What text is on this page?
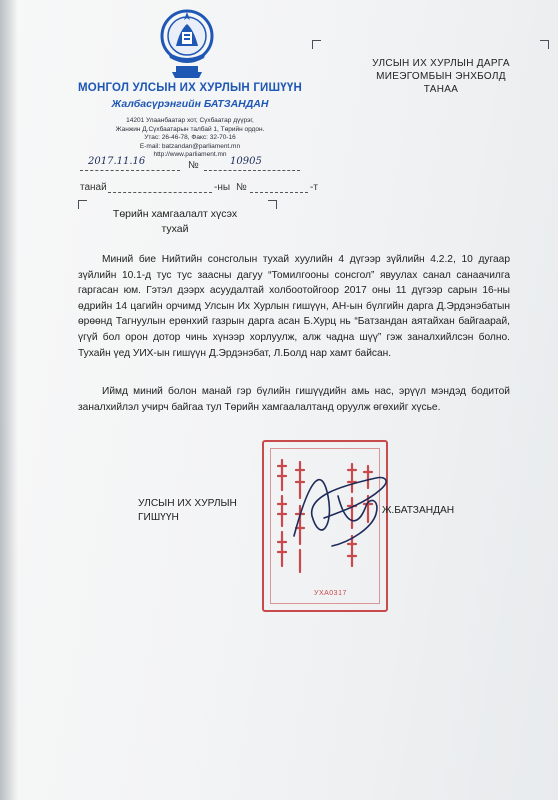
МОНГОЛ УЛСЫН ИХ ХУРЛЫН ГИШҮҮН
Жалбасүрэнгийн БАТЗАНДАН
14201 Улаанбаатар хот, Сүхбаатар дүүрэг,
Жанжин Д.Сүхбаатарын талбай 1, Төрийн ордон.
Утас: 26-46-78, Факс: 32-70-16
E-mail: batzandan@parliament.mn
http://www.parliament.mn
УЛСЫН ИХ ХУРЛЫН ДАРГА
МИЕЭГОМБЫН ЭНХБОЛД
ТАНАА
2017.11.16	№	10905
танай	-ны №	-т
Төрийн хамгаалалт хүсэх
тухай

Миний бие Нийтийн сонсголын тухай хуулийн 4 дүгээр зүйлийн 4.2.2, 10 дугаар зүйлийн 10.1-д тус тус заасны дагуу “Томилгооны сонсгол” явуулах санал санаачилга гаргасан юм. Гэтэл дээрх асуудалтай холбоотойгоор 2017 оны 11 дүгээр сарын 16-ны өдрийн 14 цагийн орчимд Улсын Их Хурлын гишүүн, АН-ын бүлгийн дарга Д.Эрдэнэбатын өрөөнд Тагнуулын ерөнхий газрын дарга асан Б.Хурц нь “Батзандан аятайхан байгаарай, үгүй бол орон дотор чинь хүнээр хорлуулж, алж чадна шүү” гэж заналхийлсэн болно. Тухайн үед УИХ-ын гишүүн Д.Эрдэнэбат, Л.Болд нар хамт байсан.

Иймд миний болон манай гэр бүлийн гишүүдийн амь нас, эрүүл мэндэд бодитой заналхийлэл учирч байгаа тул Төрийн хамгаалалтанд оруулж өгөхийг хүсье.

УХА0317
УЛСЫН ИХ ХУРЛЫН
ГИШҮҮН
Ж.БАТЗАНДАН
